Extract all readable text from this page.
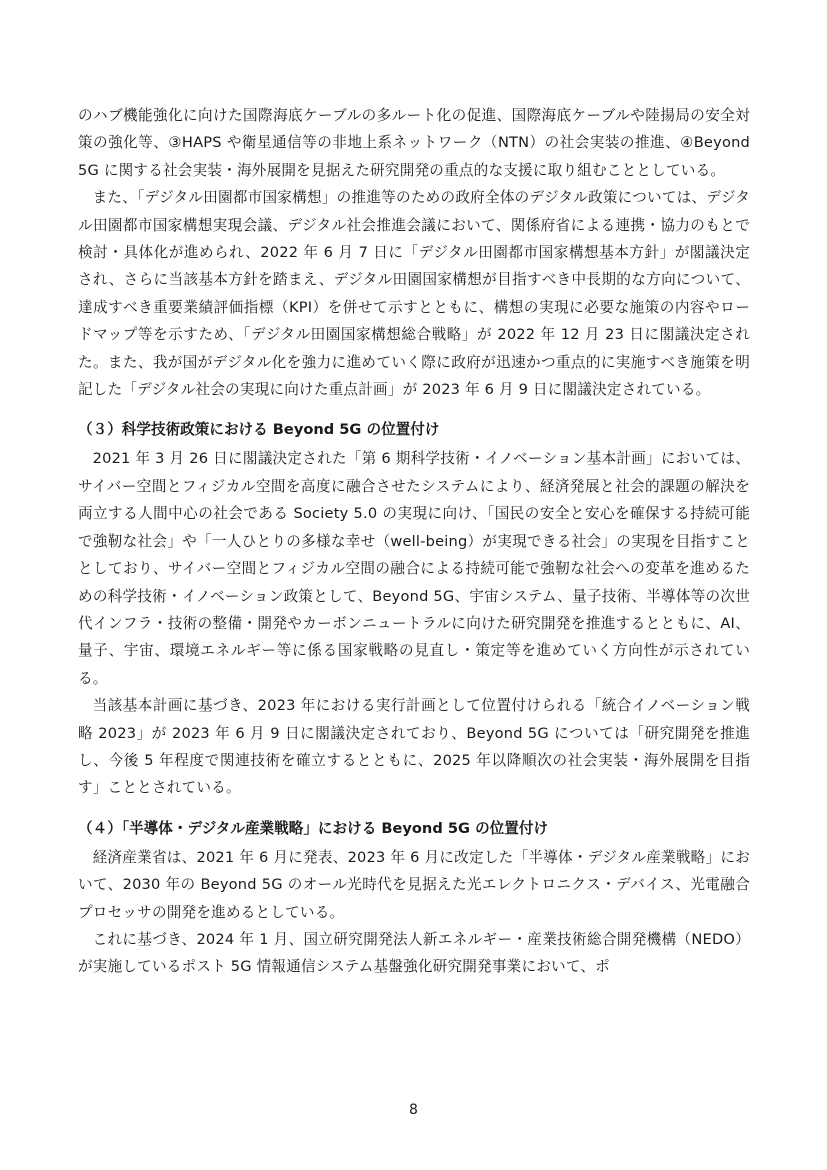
のハブ機能強化に向けた国際海底ケーブルの多ルート化の促進、国際海底ケーブルや陸揚局の安全対策の強化等、③HAPS や衛星通信等の非地上系ネットワーク（NTN）の社会実装の推進、④Beyond 5G に関する社会実装・海外展開を見据えた研究開発の重点的な支援に取り組むこととしている。

また、「デジタル田園都市国家構想」の推進等のための政府全体のデジタル政策については、デジタル田園都市国家構想実現会議、デジタル社会推進会議において、関係府省による連携・協力のもとで検討・具体化が進められ、2022 年 6 月 7 日に「デジタル田園都市国家構想基本方針」が閣議決定され、さらに当該基本方針を踏まえ、デジタル田園国家構想が目指すべき中長期的な方向について、達成すべき重要業績評価指標（KPI）を併せて示すとともに、構想の実現に必要な施策の内容やロードマップ等を示すため、「デジタル田園国家構想総合戦略」が 2022 年 12 月 23 日に閣議決定された。また、我が国がデジタル化を強力に進めていく際に政府が迅速かつ重点的に実施すべき施策を明記した「デジタル社会の実現に向けた重点計画」が 2023 年 6 月 9 日に閣議決定されている。

（３）科学技術政策における Beyond 5G の位置付け

2021 年 3 月 26 日に閣議決定された「第 6 期科学技術・イノベーション基本計画」においては、サイバー空間とフィジカル空間を高度に融合させたシステムにより、経済発展と社会的課題の解決を両立する人間中心の社会である Society 5.0 の実現に向け、「国民の安全と安心を確保する持続可能で強靭な社会」や「一人ひとりの多様な幸せ（well-being）が実現できる社会」の実現を目指すこととしており、サイバー空間とフィジカル空間の融合による持続可能で強靭な社会への変革を進めるための科学技術・イノベーション政策として、Beyond 5G、宇宙システム、量子技術、半導体等の次世代インフラ・技術の整備・開発やカーボンニュートラルに向けた研究開発を推進するとともに、AI、量子、宇宙、環境エネルギー等に係る国家戦略の見直し・策定等を進めていく方向性が示されている。

当該基本計画に基づき、2023 年における実行計画として位置付けられる「統合イノベーション戦略 2023」が 2023 年 6 月 9 日に閣議決定されており、Beyond 5G については「研究開発を推進し、今後 5 年程度で関連技術を確立するとともに、2025 年以降順次の社会実装・海外展開を目指す」こととされている。

（４）「半導体・デジタル産業戦略」における Beyond 5G の位置付け

経済産業省は、2021 年 6 月に発表、2023 年 6 月に改定した「半導体・デジタル産業戦略」において、2030 年の Beyond 5G のオール光時代を見据えた光エレクトロニクス・デバイス、光電融合プロセッサの開発を進めるとしている。

これに基づき、2024 年 1 月、国立研究開発法人新エネルギー・産業技術総合開発機構（NEDO）が実施しているポスト 5G 情報通信システム基盤強化研究開発事業において、ポ

8
